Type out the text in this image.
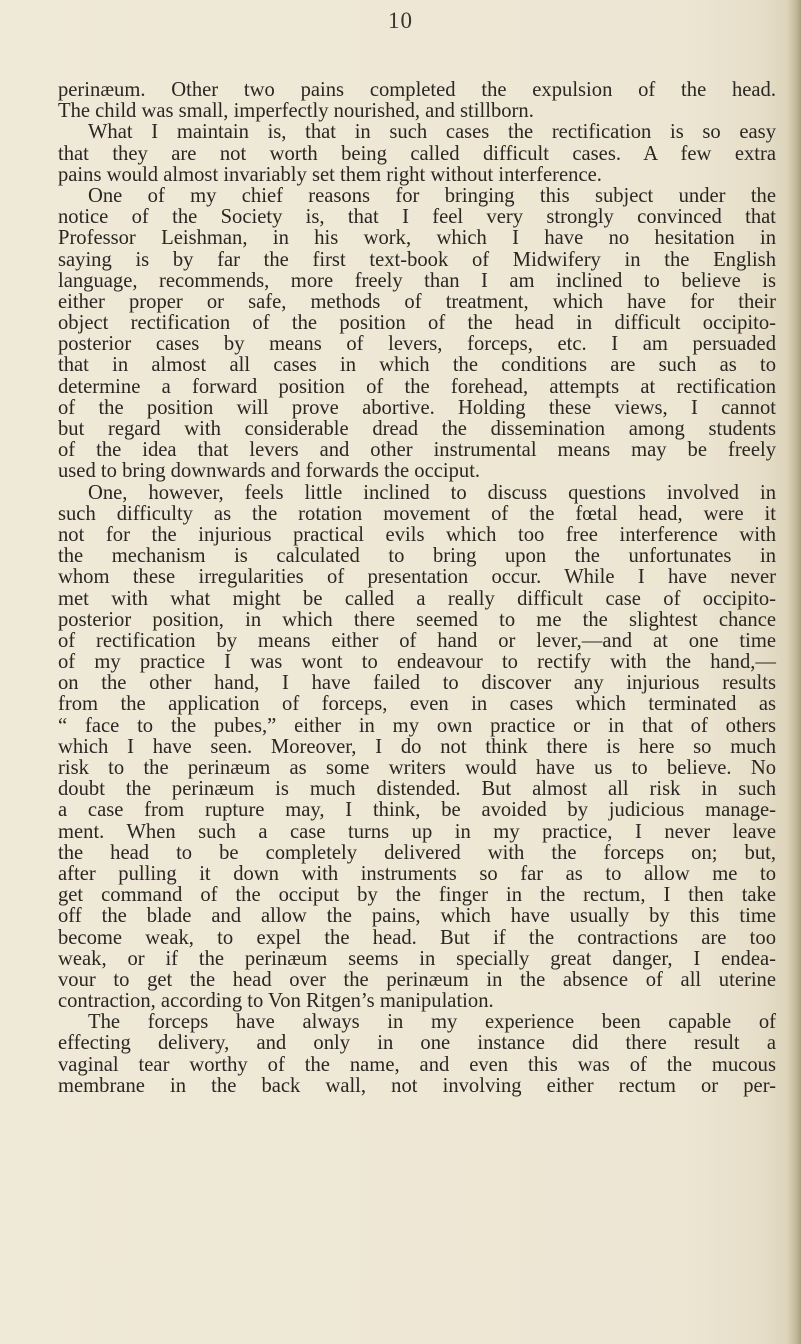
10
perinæum. Other two pains completed the expulsion of the head.
The child was small, imperfectly nourished, and stillborn.
What I maintain is, that in such cases the rectification is so easy
that they are not worth being called difficult cases. A few extra
pains would almost invariably set them right without interference.
One of my chief reasons for bringing this subject under the
notice of the Society is, that I feel very strongly convinced that
Professor Leishman, in his work, which I have no hesitation in
saying is by far the first text-book of Midwifery in the English
language, recommends, more freely than I am inclined to believe is
either proper or safe, methods of treatment, which have for their
object rectification of the position of the head in difficult occipito-
posterior cases by means of levers, forceps, etc. I am persuaded
that in almost all cases in which the conditions are such as to
determine a forward position of the forehead, attempts at rectification
of the position will prove abortive. Holding these views, I cannot
but regard with considerable dread the dissemination among students
of the idea that levers and other instrumental means may be freely
used to bring downwards and forwards the occiput.
One, however, feels little inclined to discuss questions involved in
such difficulty as the rotation movement of the fœtal head, were it
not for the injurious practical evils which too free interference with
the mechanism is calculated to bring upon the unfortunates in
whom these irregularities of presentation occur. While I have never
met with what might be called a really difficult case of occipito-
posterior position, in which there seemed to me the slightest chance
of rectification by means either of hand or lever,—and at one time
of my practice I was wont to endeavour to rectify with the hand,—
on the other hand, I have failed to discover any injurious results
from the application of forceps, even in cases which terminated as
“ face to the pubes,” either in my own practice or in that of others
which I have seen. Moreover, I do not think there is here so much
risk to the perinæum as some writers would have us to believe. No
doubt the perinæum is much distended. But almost all risk in such
a case from rupture may, I think, be avoided by judicious manage-
ment. When such a case turns up in my practice, I never leave
the head to be completely delivered with the forceps on; but,
after pulling it down with instruments so far as to allow me to
get command of the occiput by the finger in the rectum, I then take
off the blade and allow the pains, which have usually by this time
become weak, to expel the head. But if the contractions are too
weak, or if the perinæum seems in specially great danger, I endea-
vour to get the head over the perinæum in the absence of all uterine
contraction, according to Von Ritgen’s manipulation.
The forceps have always in my experience been capable of
effecting delivery, and only in one instance did there result a
vaginal tear worthy of the name, and even this was of the mucous
membrane in the back wall, not involving either rectum or per-
